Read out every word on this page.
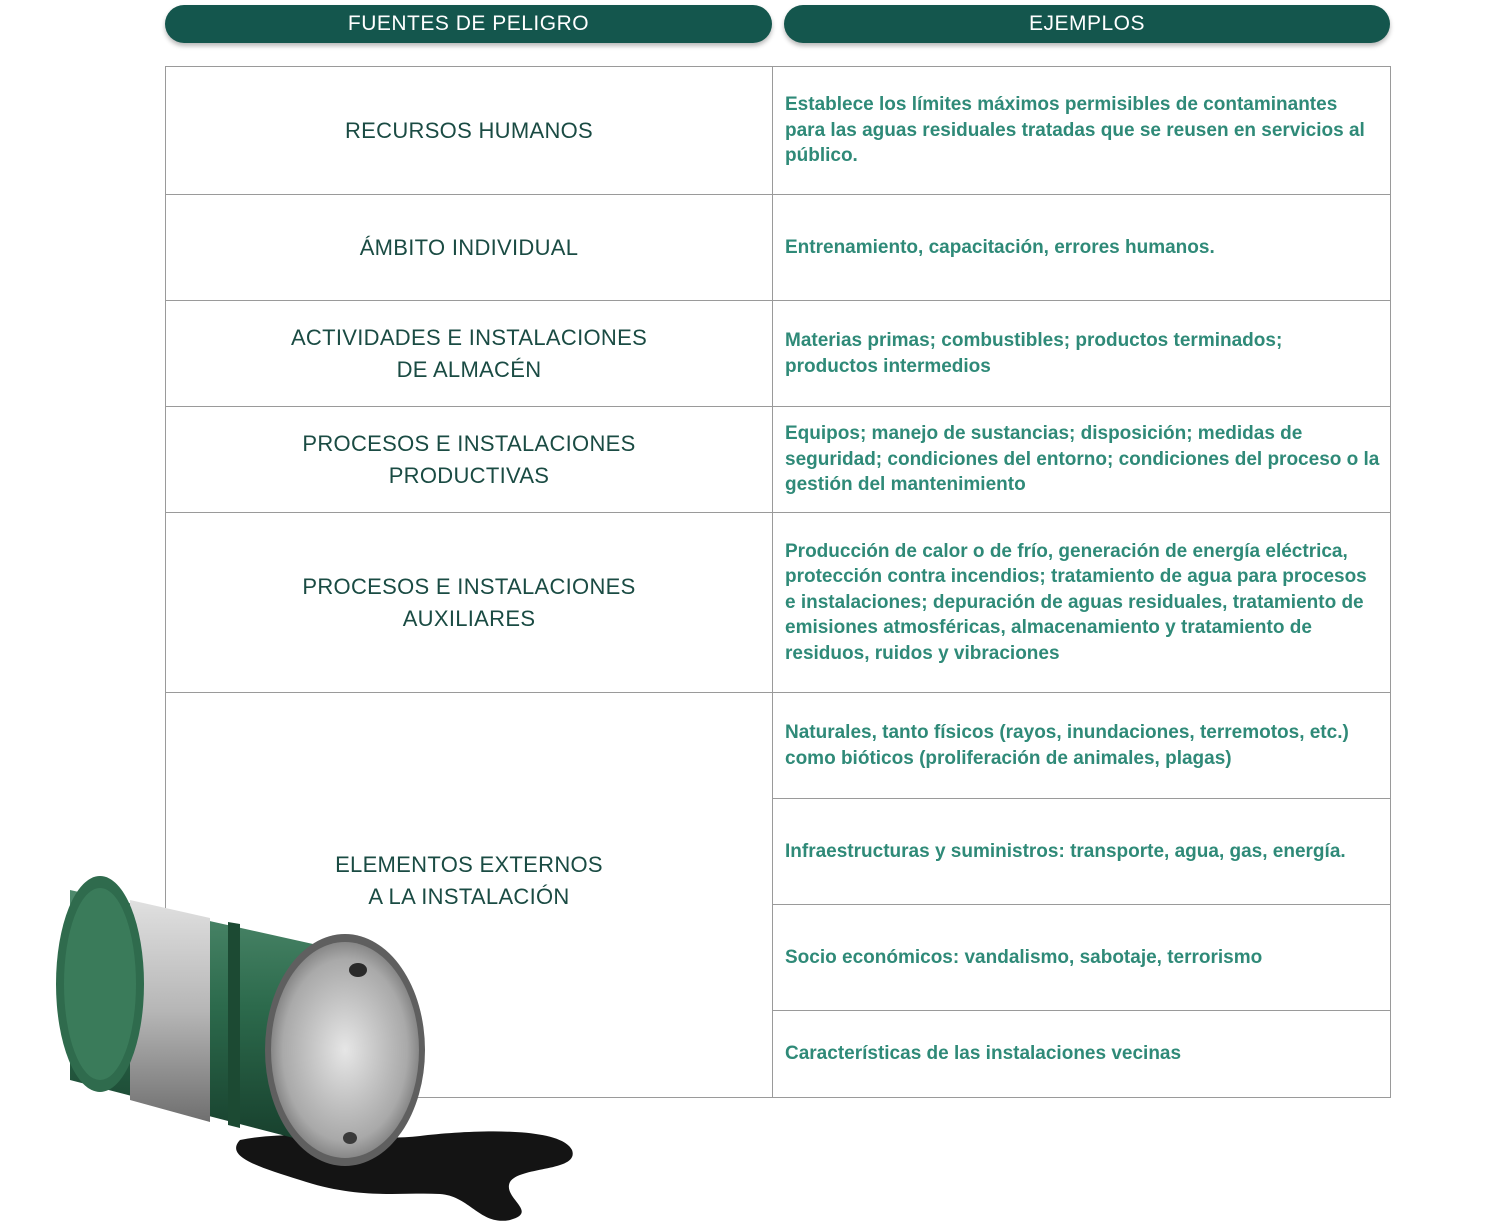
FUENTES DE PELIGRO	EJEMPLOS
RECURSOS HUMANOS
Establece los límites máximos permisibles de contaminantes para las aguas residuales tratadas que se reusen en servicios al público.
ÁMBITO INDIVIDUAL	Entrenamiento, capacitación, errores humanos.
ACTIVIDADES E INSTALACIONES
DE ALMACÉN
Materias primas; combustibles; productos terminados; productos intermedios
PROCESOS E INSTALACIONES
PRODUCTIVAS
Equipos; manejo de sustancias; disposición; medidas de seguridad; condiciones del entorno; condiciones del proceso o la gestión del mantenimiento
PROCESOS E INSTALACIONES
AUXILIARES
Producción de calor o de frío, generación de energía eléctrica, protección contra incendios; tratamiento de agua para procesos e instalaciones; depuración de aguas residuales, tratamiento de emisiones atmosféricas, almacenamiento y tratamiento de residuos, ruidos y vibraciones
ELEMENTOS EXTERNOS
A LA INSTALACIÓN
Naturales, tanto físicos (rayos, inundaciones, terremotos, etc.) como bióticos (proliferación de animales, plagas)
Infraestructuras y suministros: transporte, agua, gas, energía.
Socio económicos: vandalismo, sabotaje, terrorismo
Características de las instalaciones vecinas
